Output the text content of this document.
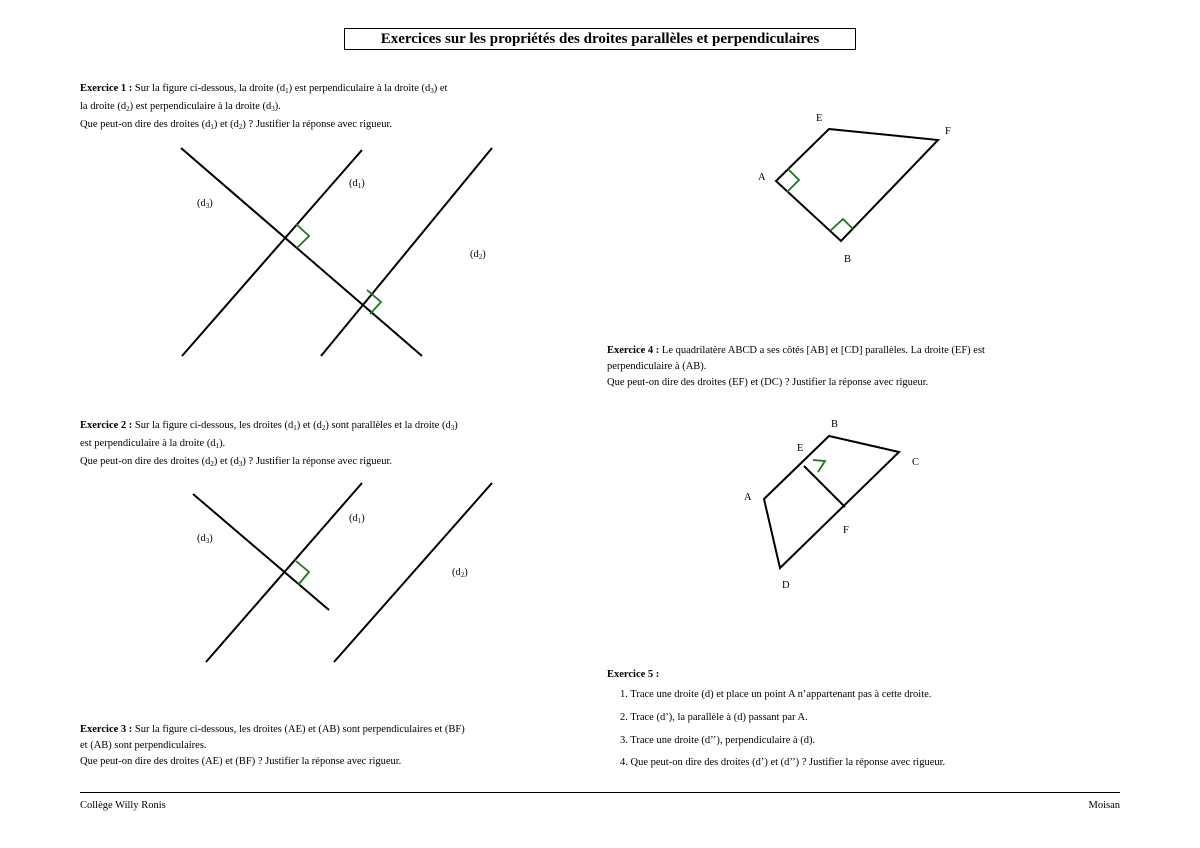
Exercices sur les propriétés des droites parallèles et perpendiculaires
Exercice 1 : Sur la figure ci-dessous, la droite $(d_1)$ est perpendiculaire à la droite $(d_3)$ et
la droite $(d_2)$ est perpendiculaire à la droite $(d_3)$.
Que peut-on dire des droites $(d_1)$ et $(d_2)$ ? Justifier la réponse avec rigueur.
(d1)
(d3)
(d2)
(d1)
(d3)
(d2)
E
F
A
B
B
E
C
A
F
D
Exercice 2 : Sur la figure ci-dessous, les droites $(d_1)$ et $(d_2)$ sont parallèles et la droite $(d_3)$
est perpendiculaire à la droite $(d_1)$.
Que peut-on dire des droites $(d_2)$ et $(d_3)$ ? Justifier la réponse avec rigueur.
Exercice 3 : Sur la figure ci-dessous, les droites (AE) et (AB) sont perpendiculaires et (BF)
et (AB) sont perpendiculaires.
Que peut-on dire des droites (AE) et (BF) ? Justifier la réponse avec rigueur.
Exercice 4 : Le quadrilatère ABCD a ses côtés [AB] et [CD] parallèles. La droite (EF) est
perpendiculaire à (AB).
Que peut-on dire des droites (EF) et (DC) ? Justifier la réponse avec rigueur.
Exercice 5 :
1. Trace une droite (d) et place un point A n’appartenant pas à cette droite.
2. Trace (d’), la parallèle à (d) passant par A.
3. Trace une droite (d’’), perpendiculaire à (d).
4. Que peut-on dire des droites (d’) et (d’’) ? Justifier la réponse avec rigueur.
Collège Willy Ronis	Moisan
